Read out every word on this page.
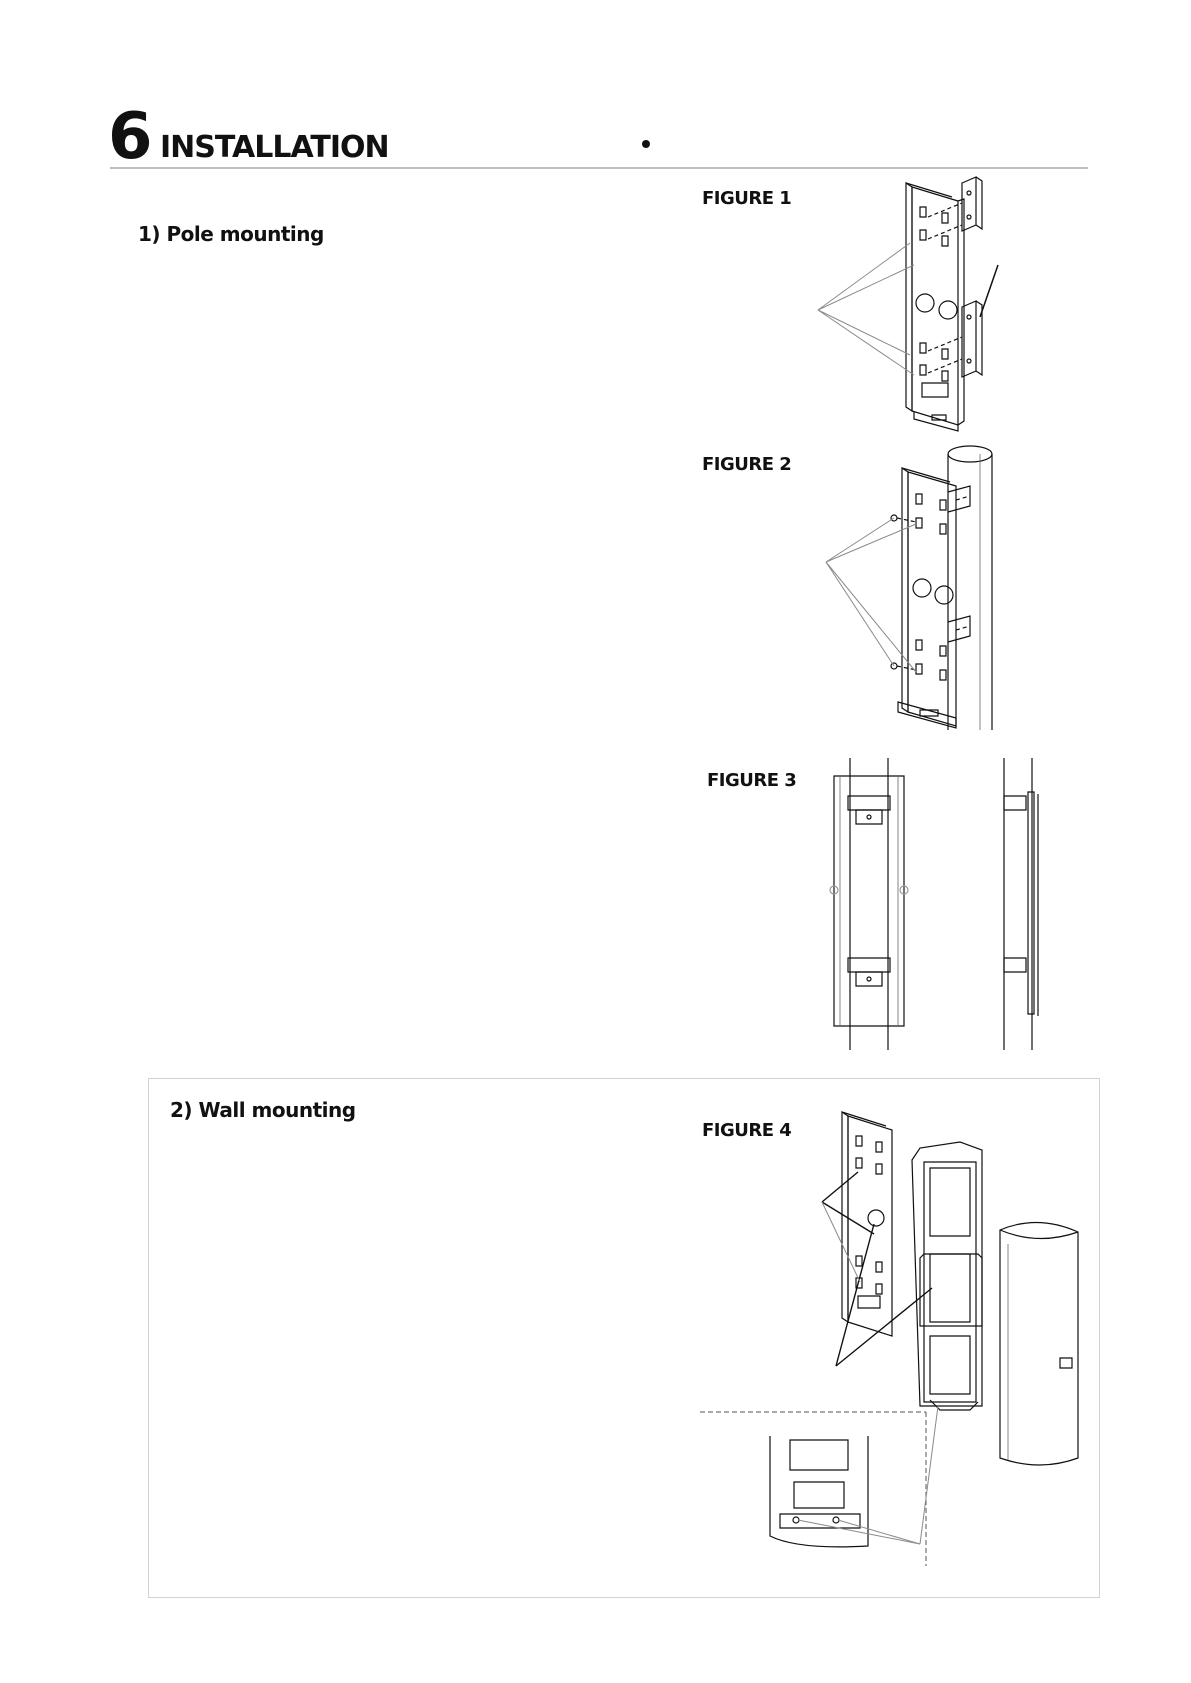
6 INSTALLATION
1) Pole mounting
FIGURE 1
FIGURE 2
FIGURE 3
2) Wall mounting
FIGURE 4
